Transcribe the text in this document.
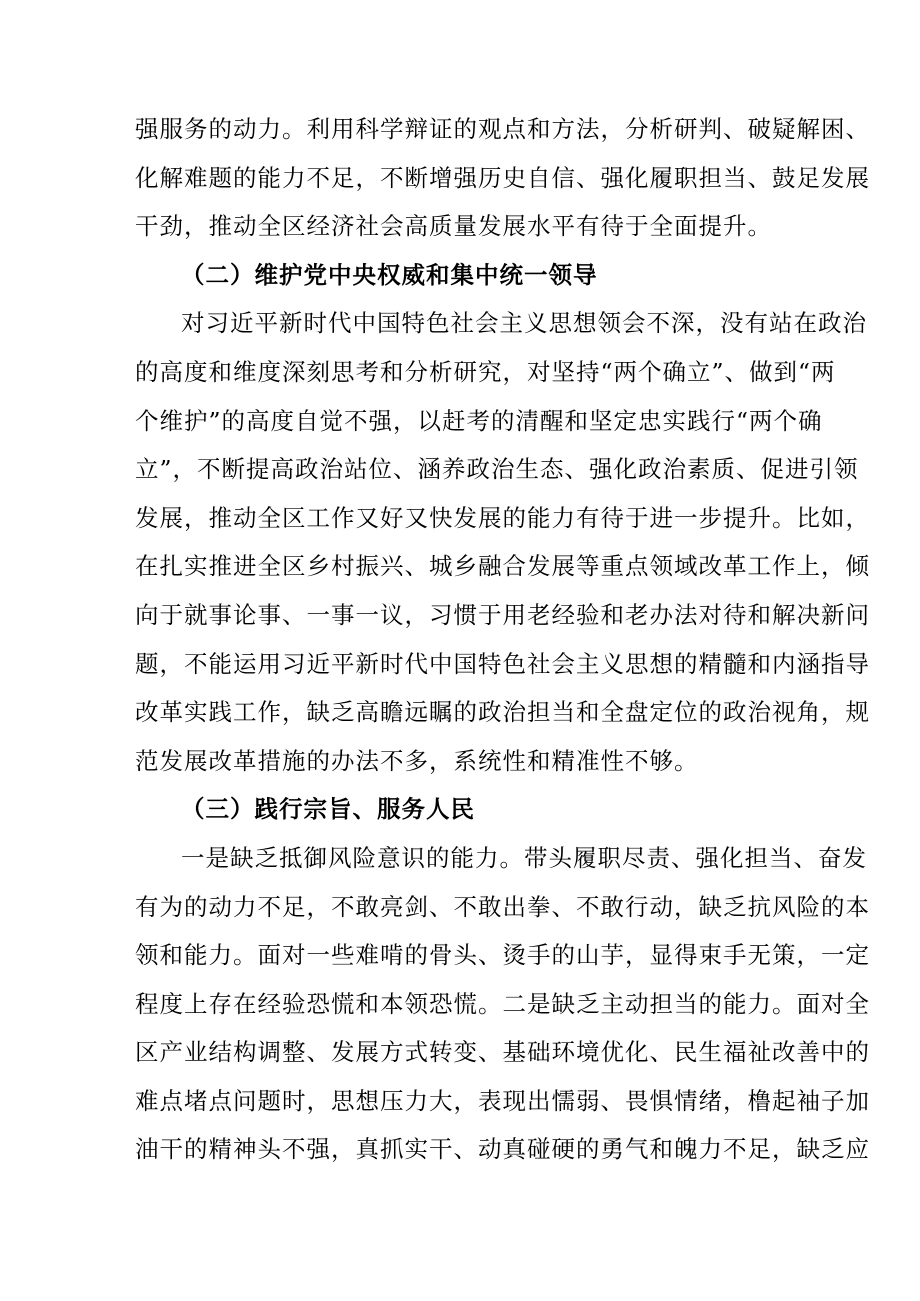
强服务的动力。利用科学辩证的观点和方法，分析研判、破疑解困、
化解难题的能力不足，不断增强历史自信、强化履职担当、鼓足发展
干劲，推动全区经济社会高质量发展水平有待于全面提升。
（二）维护党中央权威和集中统一领导
对习近平新时代中国特色社会主义思想领会不深，没有站在政治
的高度和维度深刻思考和分析研究，对坚持“两个确立”、做到“两
个维护”的高度自觉不强，以赶考的清醒和坚定忠实践行“两个确
立”，不断提高政治站位、涵养政治生态、强化政治素质、促进引领
发展，推动全区工作又好又快发展的能力有待于进一步提升。比如，
在扎实推进全区乡村振兴、城乡融合发展等重点领域改革工作上，倾
向于就事论事、一事一议，习惯于用老经验和老办法对待和解决新问
题，不能运用习近平新时代中国特色社会主义思想的精髓和内涵指导
改革实践工作，缺乏高瞻远瞩的政治担当和全盘定位的政治视角，规
范发展改革措施的办法不多，系统性和精准性不够。
（三）践行宗旨、服务人民
一是缺乏抵御风险意识的能力。带头履职尽责、强化担当、奋发
有为的动力不足，不敢亮剑、不敢出拳、不敢行动，缺乏抗风险的本
领和能力。面对一些难啃的骨头、烫手的山芋，显得束手无策，一定
程度上存在经验恐慌和本领恐慌。二是缺乏主动担当的能力。面对全
区产业结构调整、发展方式转变、基础环境优化、民生福祉改善中的
难点堵点问题时，思想压力大，表现出懦弱、畏惧情绪，橹起袖子加
油干的精神头不强，真抓实干、动真碰硬的勇气和魄力不足，缺乏应
